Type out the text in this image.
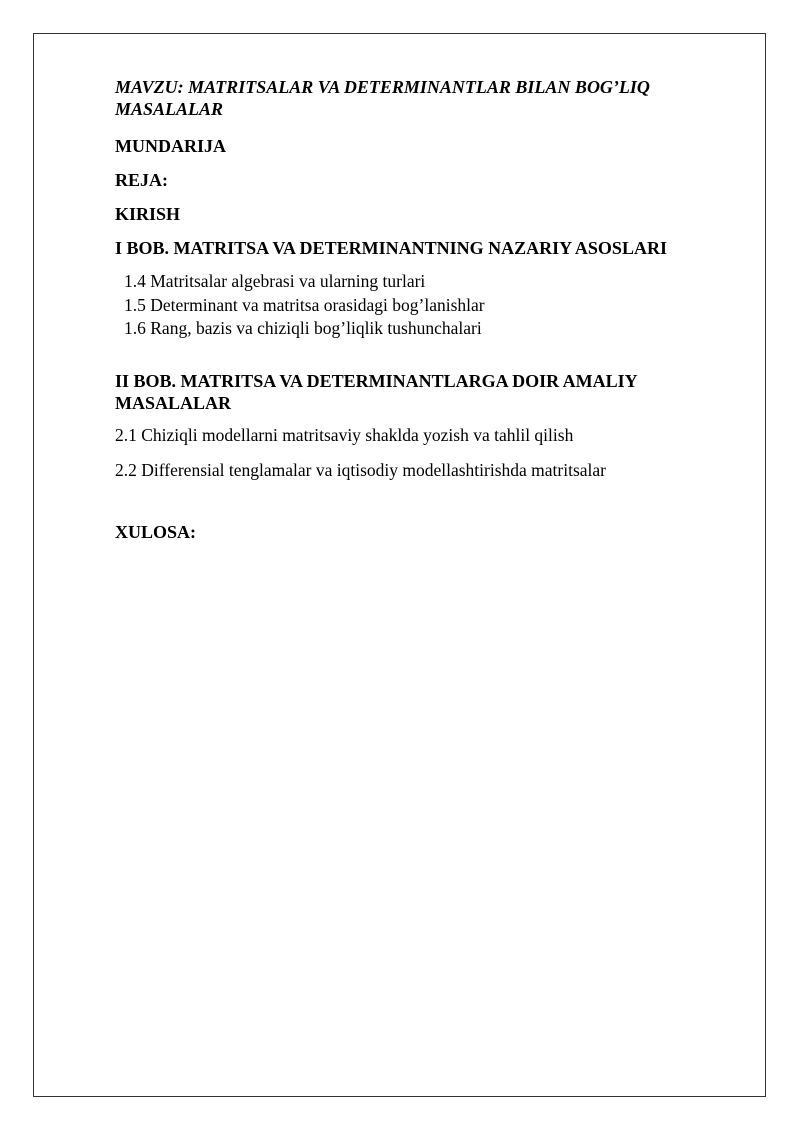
MAVZU: MATRITSALAR VA DETERMINANTLAR BILAN BOG’LIQ MASALALAR

MUNDARIJA

REJA:

KIRISH

I BOB. MATRITSA VA DETERMINANTNING NAZARIY ASOSLARI

1.4 Matritsalar algebrasi va ularning turlari
1.5 Determinant va matritsa orasidagi bog’lanishlar
1.6 Rang, bazis va chiziqli bog’liqlik tushunchalari

II BOB. MATRITSA VA DETERMINANTLARGA DOIR AMALIY MASALALAR

2.1 Chiziqli modellarni matritsaviy shaklda yozish va tahlil qilish

2.2 Differensial tenglamalar va iqtisodiy modellashtirishda matritsalar

XULOSA:
